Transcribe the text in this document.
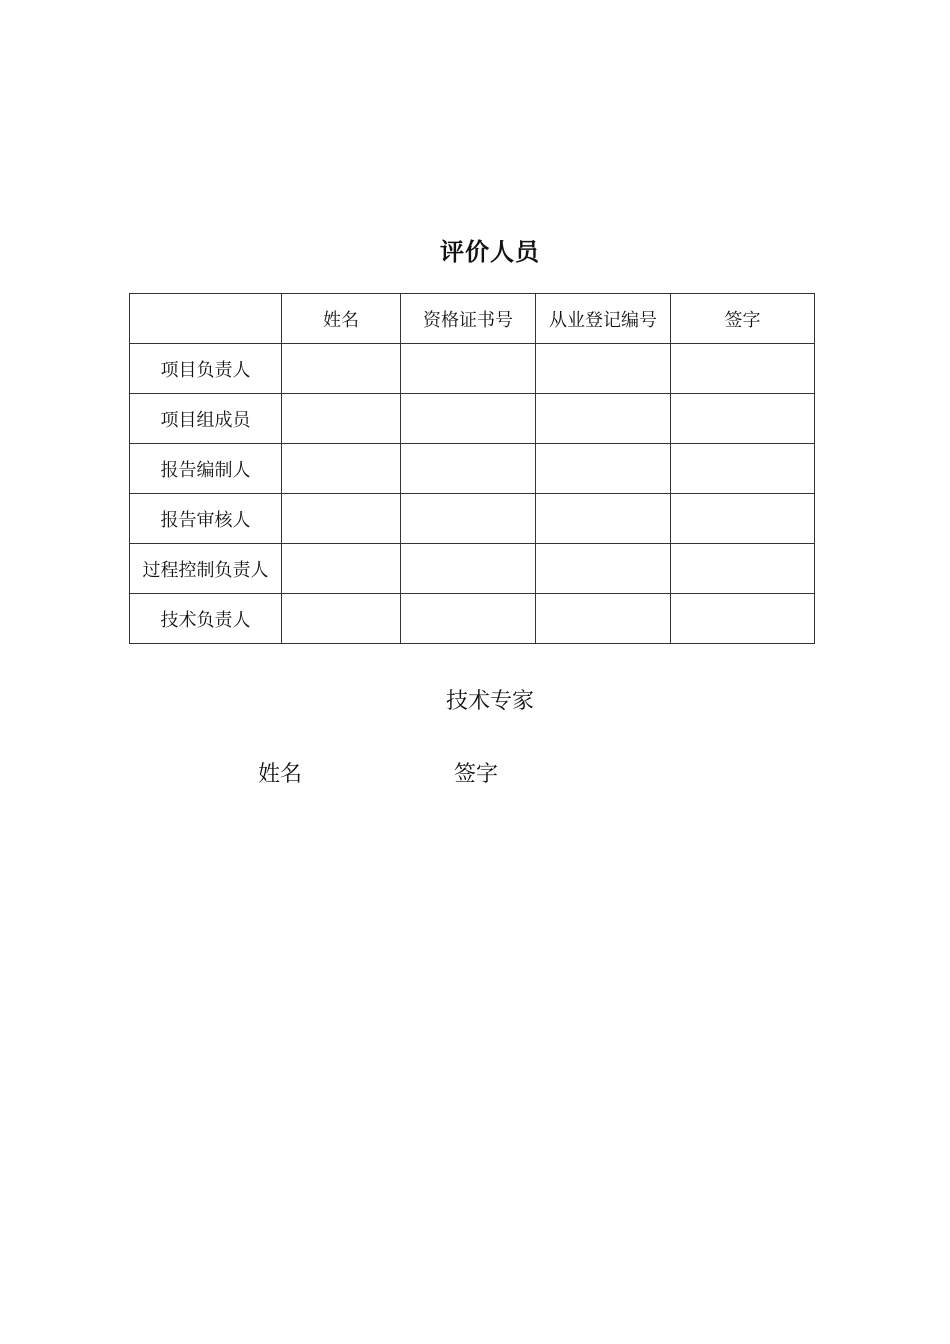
评价人员
	姓名	资格证书号	从业登记编号	签字
项目负责人				
项目组成员				
报告编制人				
报告审核人				
过程控制负责人				
技术负责人				
技术专家
姓名	签字
